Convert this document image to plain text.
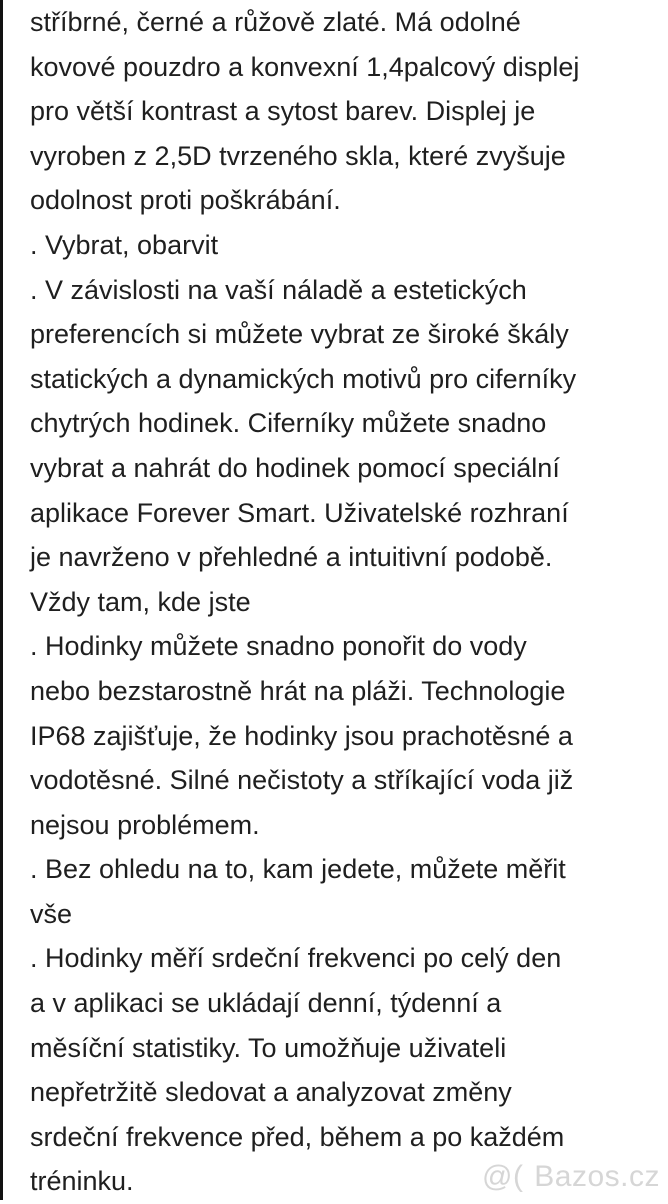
stříbrné, černé a růžově zlaté. Má odolné
kovové pouzdro a konvexní 1,4palcový displej
pro větší kontrast a sytost barev. Displej je
vyroben z 2,5D tvrzeného skla, které zvyšuje
odolnost proti poškrábání.
. Vybrat, obarvit
. V závislosti na vaší náladě a estetických
preferencích si můžete vybrat ze široké škály
statických a dynamických motivů pro ciferníky
chytrých hodinek. Ciferníky můžete snadno
vybrat a nahrát do hodinek pomocí speciální
aplikace Forever Smart. Uživatelské rozhraní
je navrženo v přehledné a intuitivní podobě.
Vždy tam, kde jste
. Hodinky můžete snadno ponořit do vody
nebo bezstarostně hrát na pláži. Technologie
IP68 zajišťuje, že hodinky jsou prachotěsné a
vodotěsné. Silné nečistoty a stříkající voda již
nejsou problémem.
. Bez ohledu na to, kam jedete, můžete měřit
vše
. Hodinky měří srdeční frekvenci po celý den
a v aplikaci se ukládají denní, týdenní a
měsíční statistiky. To umožňuje uživateli
nepřetržitě sledovat a analyzovat změny
srdeční frekvence před, během a po každém
tréninku.	@( Bazos.cz
